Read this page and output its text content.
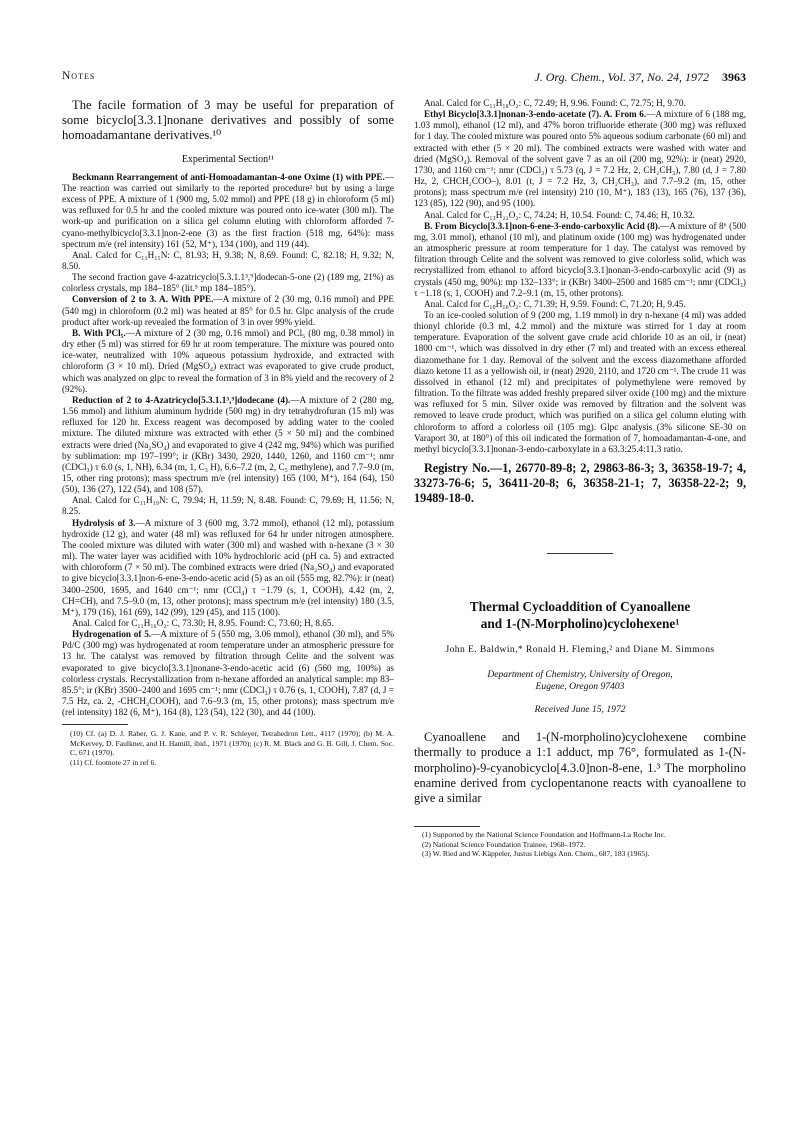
Notes	J. Org. Chem., Vol. 37, No. 24, 1972 3963

The facile formation of 3 may be useful for preparation of some bicyclo[3.3.1]nonane derivatives and possibly of some homoadamantane derivatives.¹⁰

Experimental Section¹¹

Beckmann Rearrangement of anti-Homoadamantan-4-one Oxime (1) with PPE.—The reaction was carried out similarly to the reported procedure² but by using a large excess of PPE. A mixture of 1 (900 mg, 5.02 mmol) and PPE (18 g) in chloroform (5 ml) was refluxed for 0.5 hr and the cooled mixture was poured onto ice-water (300 ml). The work-up and purification on a silica gel column eluting with chloroform afforded 7-cyano-methylbicyclo[3.3.1]non-2-ene (3) as the first fraction (518 mg, 64%): mass spectrum m/e (rel intensity) 161 (52, M⁺), 134 (100), and 119 (44).

Anal. Calcd for C₁₁H₁₅N: C, 81.93; H, 9.38; N, 8.69. Found: C, 82.18; H, 9.32; N, 8.50.

The second fraction gave 4-azatricyclo[5.3.1.1³,⁹]dodecan-5-one (2) (189 mg, 21%) as colorless crystals, mp 184–185° (lit.⁵ mp 184–185°).

Conversion of 2 to 3. A. With PPE.—A mixture of 2 (30 mg, 0.16 mmol) and PPE (540 mg) in chloroform (0.2 ml) was heated at 85° for 0.5 hr. Glpc analysis of the crude product after work-up revealed the formation of 3 in over 99% yield.

B. With PCl₅.—A mixture of 2 (30 mg, 0.16 mmol) and PCl₅ (80 mg, 0.38 mmol) in dry ether (5 ml) was stirred for 69 hr at room temperature. The mixture was poured onto ice-water, neutralized with 10% aqueous potassium hydroxide, and extracted with chloroform (3 × 10 ml). Dried (MgSO₄) extract was evaporated to give crude product, which was analyzed on glpc to reveal the formation of 3 in 8% yield and the recovery of 2 (92%).

Reduction of 2 to 4-Azatricyclo[5.3.1.1³,⁹]dodecane (4).—A mixture of 2 (280 mg, 1.56 mmol) and lithium aluminum hydride (500 mg) in dry tetrahydrofuran (15 ml) was refluxed for 120 hr. Excess reagent was decomposed by adding water to the cooled mixture. The diluted mixture was extracted with ether (5 × 50 ml) and the combined extracts were dried (Na₂SO₄) and evaporated to give 4 (242 mg, 94%) which was purified by sublimation: mp 197–199°; ir (KBr) 3430, 2920, 1440, 1260, and 1160 cm⁻¹; nmr (CDCl₃) τ 6.0 (s, 1, NH), 6.34 (m, 1, C₃ H), 6.6–7.2 (m, 2, C₅ methylene), and 7.7–9.0 (m, 15, other ring protons); mass spectrum m/e (rel intensity) 165 (100, M⁺), 164 (64), 150 (50), 136 (27), 122 (54), and 108 (57).

Anal. Calcd for C₁₁H₁₉N: C, 79.94; H, 11.59; N, 8.48. Found: C, 79.69; H, 11.56; N, 8.25.

Hydrolysis of 3.—A mixture of 3 (600 mg, 3.72 mmol), ethanol (12 ml), potassium hydroxide (12 g), and water (48 ml) was refluxed for 64 hr under nitrogen atmosphere. The cooled mixture was diluted with water (300 ml) and washed with n-hexane (3 × 30 ml). The water layer was acidified with 10% hydrochloric acid (pH ca. 5) and extracted with chloroform (7 × 50 ml). The combined extracts were dried (Na₂SO₄) and evaporated to give bicyclo[3.3.1]non-6-ene-3-endo-acetic acid (5) as an oil (555 mg, 82.7%): ir (neat) 3400–2500, 1695, and 1640 cm⁻¹; nmr (CCl₄) τ −1.79 (s, 1, COOH), 4.42 (m, 2, CH=CH), and 7.5–9.0 (m, 13, other protons); mass spectrum m/e (rel intensity) 180 (3.5, M⁺), 179 (16), 161 (69), 142 (99), 129 (45), and 115 (100).

Anal. Calcd for C₁₁H₁₆O₂: C, 73.30; H, 8.95. Found: C, 73.60; H, 8.65.

Hydrogenation of 5.—A mixture of 5 (550 mg, 3.06 mmol), ethanol (30 ml), and 5% Pd/C (300 mg) was hydrogenated at room temperature under an atmospheric pressure for 13 hr. The catalyst was removed by filtration through Celite and the solvent was evaporated to give bicyclo[3.3.1]nonane-3-endo-acetic acid (6) (560 mg, 100%) as colorless crystals. Recrystallization from n-hexane afforded an analytical sample: mp 83–85.5°; ir (KBr) 3500–2400 and 1695 cm⁻¹; nmr (CDCl₃) τ 0.76 (s, 1, COOH), 7.87 (d, J = 7.5 Hz, ca. 2, -CHCH₂COOH), and 7.6–9.3 (m, 15, other protons); mass spectrum m/e (rel intensity) 182 (6, M⁺), 164 (8), 123 (54), 122 (30), and 44 (100).

(10) Cf. (a) D. J. Raber, G. J. Kane, and P. v. R. Schleyer, Tetrahedron Lett., 4117 (1970); (b) M. A. McKervey, D. Faulkner, and H. Hamill, ibid., 1971 (1970); (c) R. M. Black and G. B. Gill, J. Chem. Soc. C, 671 (1970).

(11) Cf. footnote 27 in ref 6.

Anal. Calcd for C₁₁H₁₈O₂: C, 72.49; H, 9.96. Found: C, 72.75; H, 9.70.

Ethyl Bicyclo[3.3.1]nonan-3-endo-acetate (7). A. From 6.—A mixture of 6 (188 mg, 1.03 mmol), ethanol (12 ml), and 47% boron trifluoride etherate (300 mg) was refluxed for 1 day. The cooled mixture was poured onto 5% aqueous sodium carbonate (60 ml) and extracted with ether (5 × 20 ml). The combined extracts were washed with water and dried (MgSO₄). Removal of the solvent gave 7 as an oil (200 mg, 92%): ir (neat) 2920, 1730, and 1160 cm⁻¹; nmr (CDCl₃) τ 5.73 (q, J = 7.2 Hz, 2, CH₂CH₃), 7.80 (d, J = 7.80 Hz, 2, CHCH₂COO–), 8.01 (t, J = 7.2 Hz, 3, CH₂CH₃), and 7.7–9.2 (m, 15, other protons); mass spectrum m/e (rel intensity) 210 (10, M⁺), 183 (13), 165 (76), 137 (36), 123 (85), 122 (90), and 95 (100).

Anal. Calcd for C₁₃H₂₂O₂: C, 74.24; H, 10.54. Found: C, 74.46; H, 10.32.

B. From Bicyclo[3.3.1]non-6-ene-3-endo-carboxylic Acid (8).—A mixture of 8⁶ (500 mg, 3.01 mmol), ethanol (10 ml), and platinum oxide (100 mg) was hydrogenated under an atmospheric pressure at room temperature for 1 day. The catalyst was removed by filtration through Celite and the solvent was removed to give colorless solid, which was recrystallized from ethanol to afford bicyclo[3.3.1]nonan-3-endo-carboxylic acid (9) as crystals (450 mg, 90%): mp 132–133°; ir (KBr) 3400–2500 and 1685 cm⁻¹; nmr (CDCl₃) τ −1.18 (s, 1, COOH) and 7.2–9.1 (m, 15, other protons).

Anal. Calcd for C₁₀H₁₆O₂: C, 71.39; H, 9.59. Found: C, 71.20; H, 9.45.

To an ice-cooled solution of 9 (200 mg, 1.19 mmol) in dry n-hexane (4 ml) was added thionyl chloride (0.3 ml, 4.2 mmol) and the mixture was stirred for 1 day at room temperature. Evaporation of the solvent gave crude acid chloride 10 as an oil, ir (neat) 1800 cm⁻¹, which was dissolved in dry ether (7 ml) and treated with an excess ethereal diazomethane for 1 day. Removal of the solvent and the excess diazomethane afforded diazo ketone 11 as a yellowish oil, ir (neat) 2920, 2110, and 1720 cm⁻¹. The crude 11 was dissolved in ethanol (12 ml) and precipitates of polymethylene were removed by filtration. To the filtrate was added freshly prepared silver oxide (100 mg) and the mixture was refluxed for 5 min. Silver oxide was removed by filtration and the solvent was removed to leave crude product, which was purified on a silica gel column eluting with chloroform to afford a colorless oil (105 mg). Glpc analysis (3% silicone SE-30 on Varaport 30, at 180°) of this oil indicated the formation of 7, homoadamantan-4-one, and methyl bicyclo[3.3.1]nonan-3-endo-carboxylate in a 63.3:25.4:11.3 ratio.

Registry No.—1, 26770-89-8; 2, 29863-86-3; 3, 36358-19-7; 4, 33273-76-6; 5, 36411-20-8; 6, 36358-21-1; 7, 36358-22-2; 9, 19489-18-0.

Thermal Cycloaddition of Cyanoallene
and 1-(N-Morpholino)cyclohexene¹

John E. Baldwin,* Ronald H. Fleming,² and Diane M. Simmons

Department of Chemistry, University of Oregon,
Eugene, Oregon 97403

Received June 15, 1972

Cyanoallene and 1-(N-morpholino)cyclohexene combine thermally to produce a 1:1 adduct, mp 76°, formulated as 1-(N-morpholino)-9-cyanobicyclo[4.3.0]non-8-ene, 1.³ The morpholino enamine derived from cyclopentanone reacts with cyanoallene to give a similar

(1) Supported by the National Science Foundation and Hoffmann-La Roche Inc.

(2) National Science Foundation Trainee, 1968–1972.

(3) W. Ried and W. Käppeler, Justus Liebigs Ann. Chem., 687, 183 (1965).
